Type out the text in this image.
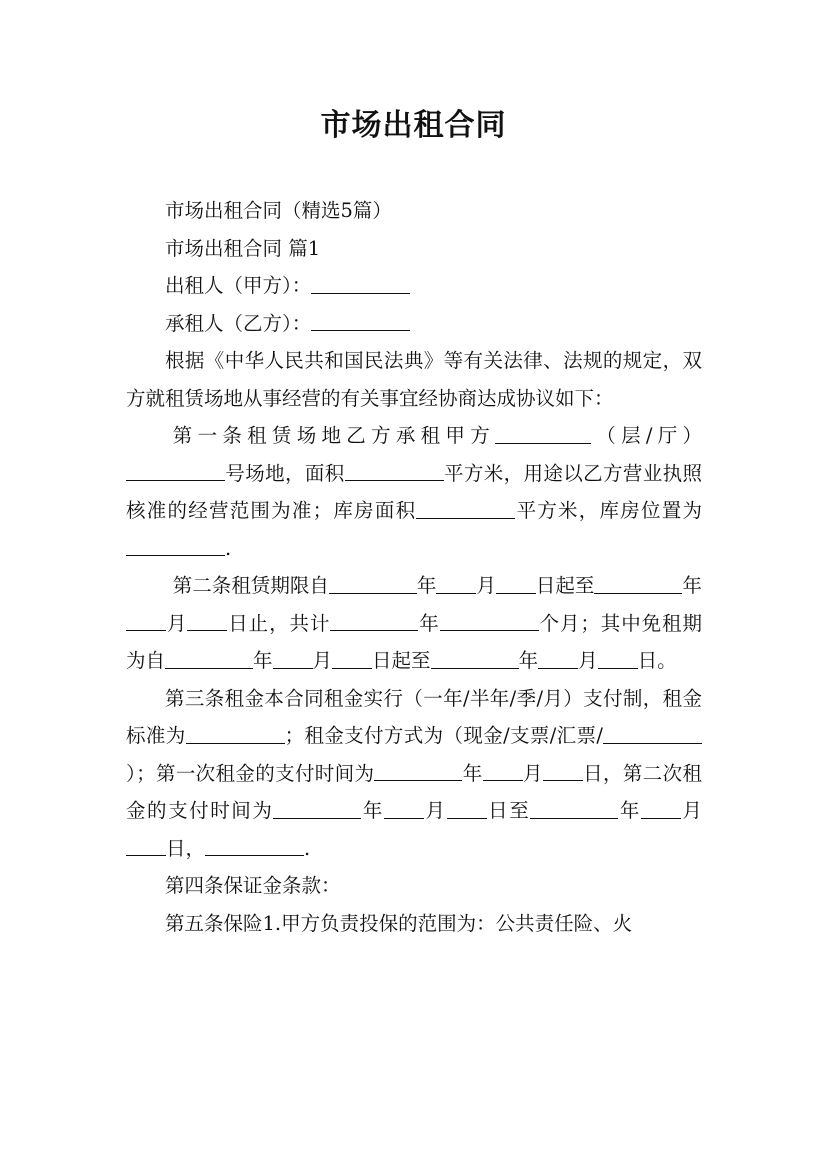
市场出租合同

市场出租合同（精选5篇）

市场出租合同 篇1

出租人（甲方）：

承租人（乙方）：

根据《中华人民共和国民法典》等有关法律、法规的规定，双方就租赁场地从事经营的有关事宜经协商达成协议如下：

第一条租赁场地乙方承租甲方	（层/厅）号场地，面积	平方米，用途以乙方营业执照核准的经营范围为准；库房面积	平方米，库房位置为.

第二条租赁期限自	年 月 日起至	年月 日止，共计	年	个月；其中免租期为自	年 月 日起至	年 月 日。

第三条租金本合同租金实行（一年/半年/季/月）支付制，租金标准为	；租金支付方式为（现金/支票/汇票/）；第一次租金的支付时间为	年 月 日，第二次租金的支付时间为	年 月 日至	年 月日，	.

第四条保证金条款：

第五条保险1.甲方负责投保的范围为：公共责任险、火
